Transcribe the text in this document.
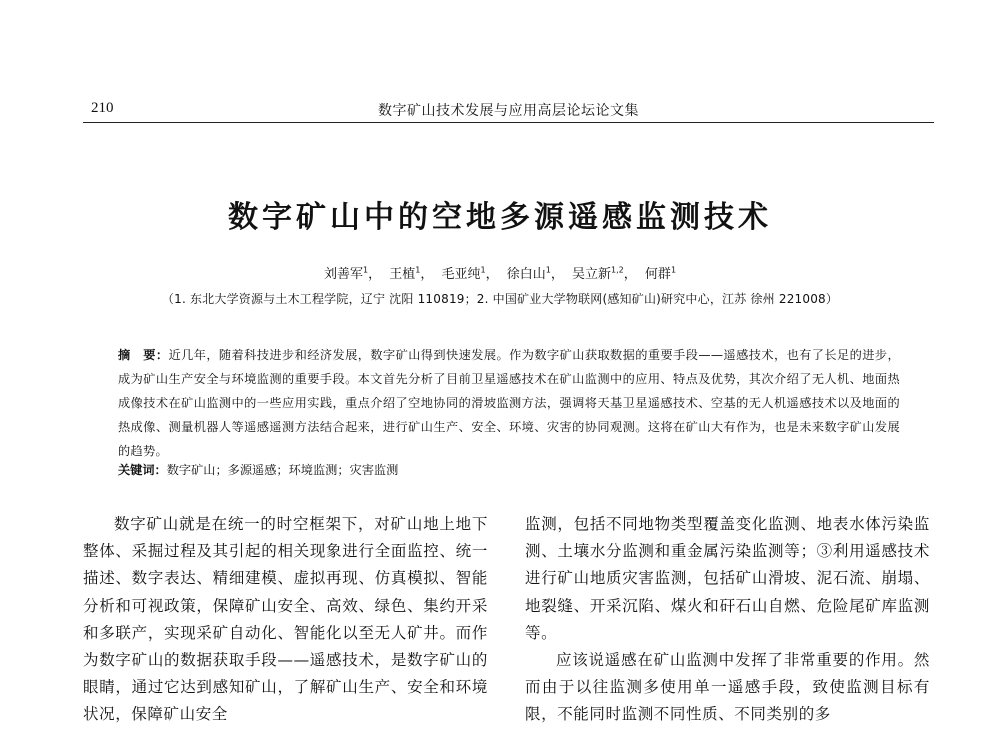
210	数字矿山技术发展与应用高层论坛论文集
数字矿山中的空地多源遥感监测技术
刘善军$^1$， 王植$^1$， 毛亚纯$^1$， 徐白山$^1$， 吴立新$^{1,2}$， 何群$^1$
（1. 东北大学资源与土木工程学院，辽宁 沈阳 110819；2. 中国矿业大学物联网(感知矿山)研究中心，江苏 徐州 221008）
摘　要：近几年，随着科技进步和经济发展，数字矿山得到快速发展。作为数字矿山获取数据的重要手段——遥感技术，也有了长足的进步，成为矿山生产安全与环境监测的重要手段。本文首先分析了目前卫星遥感技术在矿山监测中的应用、特点及优势，其次介绍了无人机、地面热成像技术在矿山监测中的一些应用实践，重点介绍了空地协同的滑坡监测方法，强调将天基卫星遥感技术、空基的无人机遥感技术以及地面的热成像、测量机器人等遥感遥测方法结合起来，进行矿山生产、安全、环境、灾害的协同观测。这将在矿山大有作为，也是未来数字矿山发展的趋势。
关键词：数字矿山；多源遥感；环境监测；灾害监测

数字矿山就是在统一的时空框架下，对矿山地上地下整体、采掘过程及其引起的相关现象进行全面监控、统一描述、数字表达、精细建模、虚拟再现、仿真模拟、智能分析和可视政策，保障矿山安全、高效、绿色、集约开采和多联产，实现采矿自动化、智能化以至无人矿井。而作为数字矿山的数据获取手段——遥感技术，是数字矿山的眼睛，通过它达到感知矿山，了解矿山生产、安全和环境状况，保障矿山安全

监测，包括不同地物类型覆盖变化监测、地表水体污染监测、土壤水分监测和重金属污染监测等；③利用遥感技术进行矿山地质灾害监测，包括矿山滑坡、泥石流、崩塌、地裂缝、开采沉陷、煤火和矸石山自燃、危险尾矿库监测等。

应该说遥感在矿山监测中发挥了非常重要的作用。然而由于以往监测多使用单一遥感手段，致使监测目标有限，不能同时监测不同性质、不同类别的多
